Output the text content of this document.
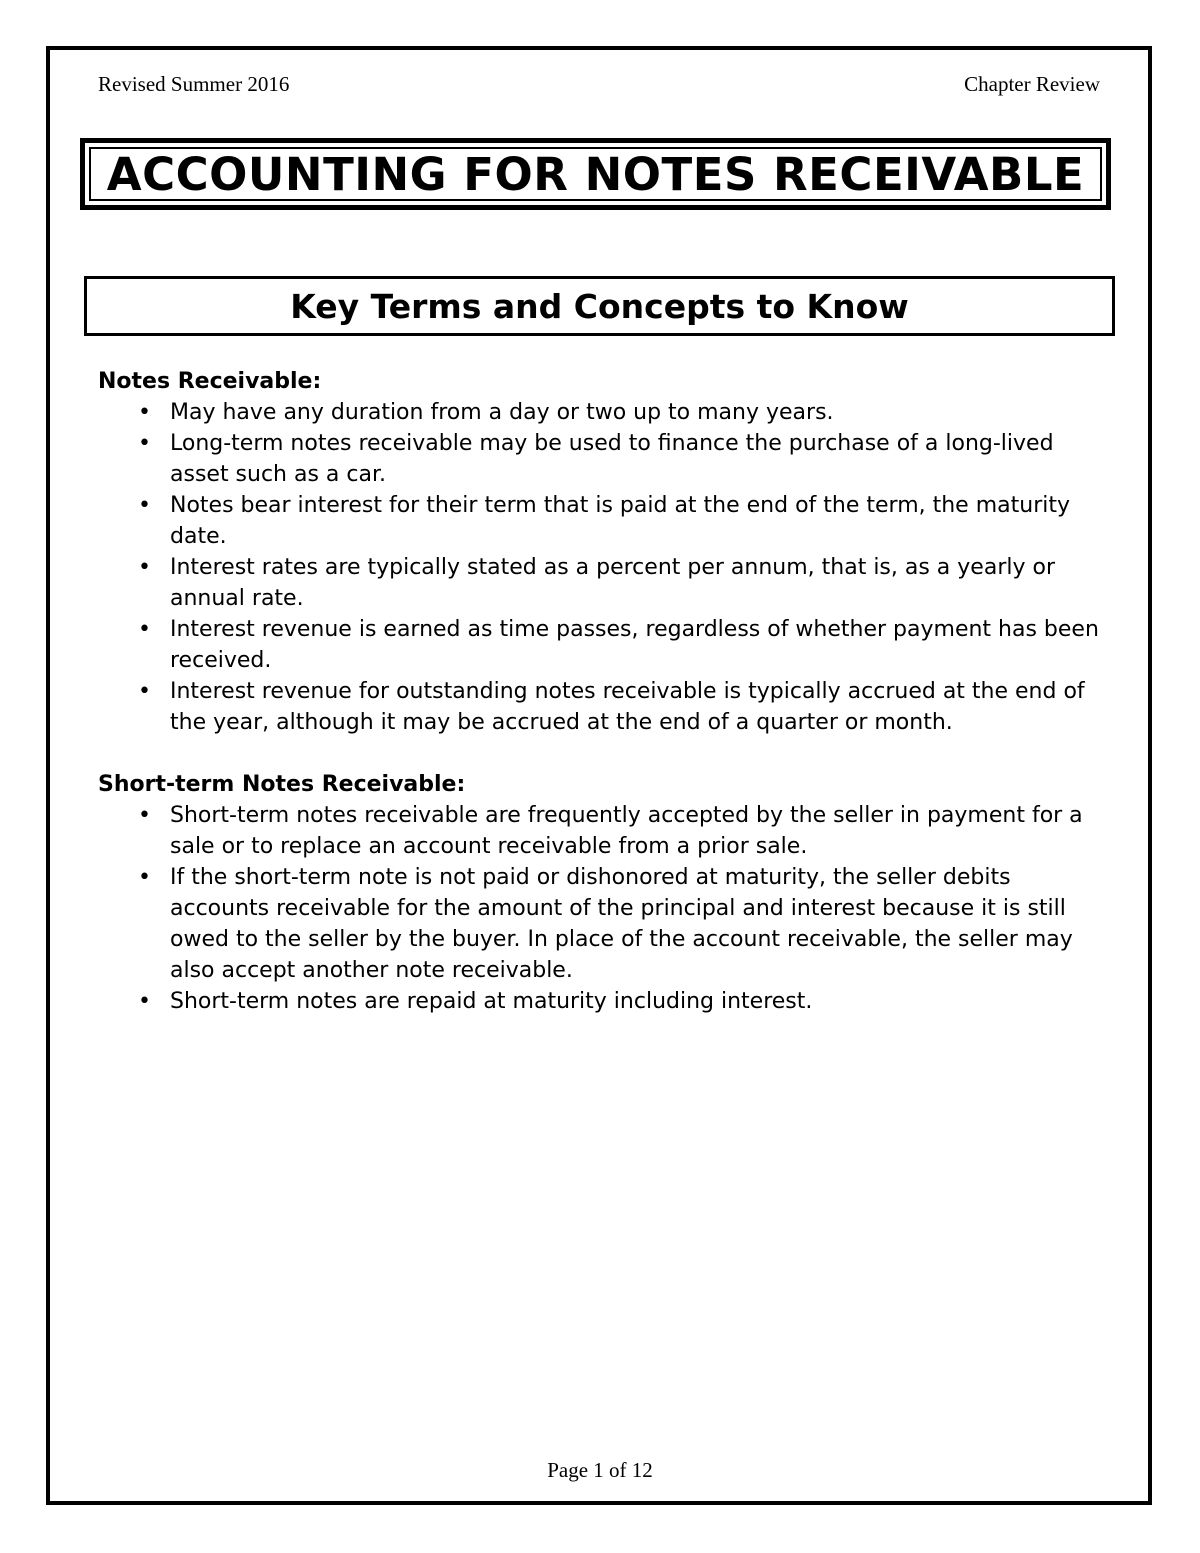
Revised Summer 2016	Chapter Review
ACCOUNTING FOR NOTES RECEIVABLE
Key Terms and Concepts to Know

Notes Receivable:

• May have any duration from a day or two up to many years.
• Long-term notes receivable may be used to finance the purchase of a long-lived asset such as a car.
• Notes bear interest for their term that is paid at the end of the term, the maturity date.
• Interest rates are typically stated as a percent per annum, that is, as a yearly or annual rate.
• Interest revenue is earned as time passes, regardless of whether payment has been received.
• Interest revenue for outstanding notes receivable is typically accrued at the end of the year, although it may be accrued at the end of a quarter or month.

Short-term Notes Receivable:

• Short-term notes receivable are frequently accepted by the seller in payment for a sale or to replace an account receivable from a prior sale.
• If the short-term note is not paid or dishonored at maturity, the seller debits accounts receivable for the amount of the principal and interest because it is still owed to the seller by the buyer. In place of the account receivable, the seller may also accept another note receivable.
• Short-term notes are repaid at maturity including interest.
Page 1 of 12
